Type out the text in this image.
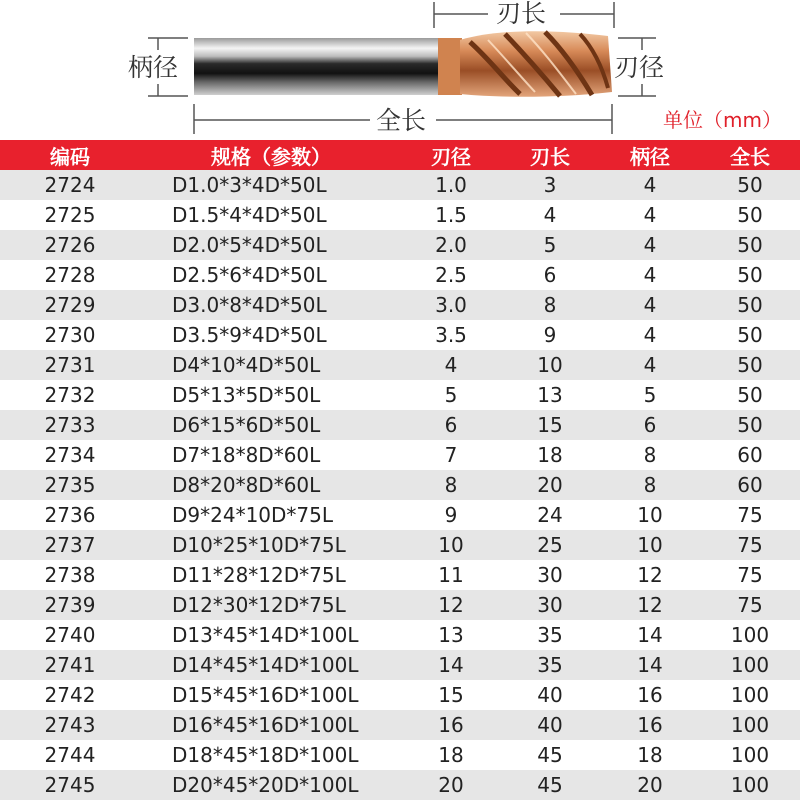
刃长
柄径	刃径
全长	单位（mm）
编码	规格（参数）	刃径	刃长	柄径	全长
2724	D1.0*3*4D*50L	1.0	3	4	50
2725	D1.5*4*4D*50L	1.5	4	4	50
2726	D2.0*5*4D*50L	2.0	5	4	50
2728	D2.5*6*4D*50L	2.5	6	4	50
2729	D3.0*8*4D*50L	3.0	8	4	50
2730	D3.5*9*4D*50L	3.5	9	4	50
2731	D4*10*4D*50L	4	10	4	50
2732	D5*13*5D*50L	5	13	5	50
2733	D6*15*6D*50L	6	15	6	50
2734	D7*18*8D*60L	7	18	8	60
2735	D8*20*8D*60L	8	20	8	60
2736	D9*24*10D*75L	9	24	10	75
2737	D10*25*10D*75L	10	25	10	75
2738	D11*28*12D*75L	11	30	12	75
2739	D12*30*12D*75L	12	30	12	75
2740	D13*45*14D*100L	13	35	14	100
2741	D14*45*14D*100L	14	35	14	100
2742	D15*45*16D*100L	15	40	16	100
2743	D16*45*16D*100L	16	40	16	100
2744	D18*45*18D*100L	18	45	18	100
2745	D20*45*20D*100L	20	45	20	100
